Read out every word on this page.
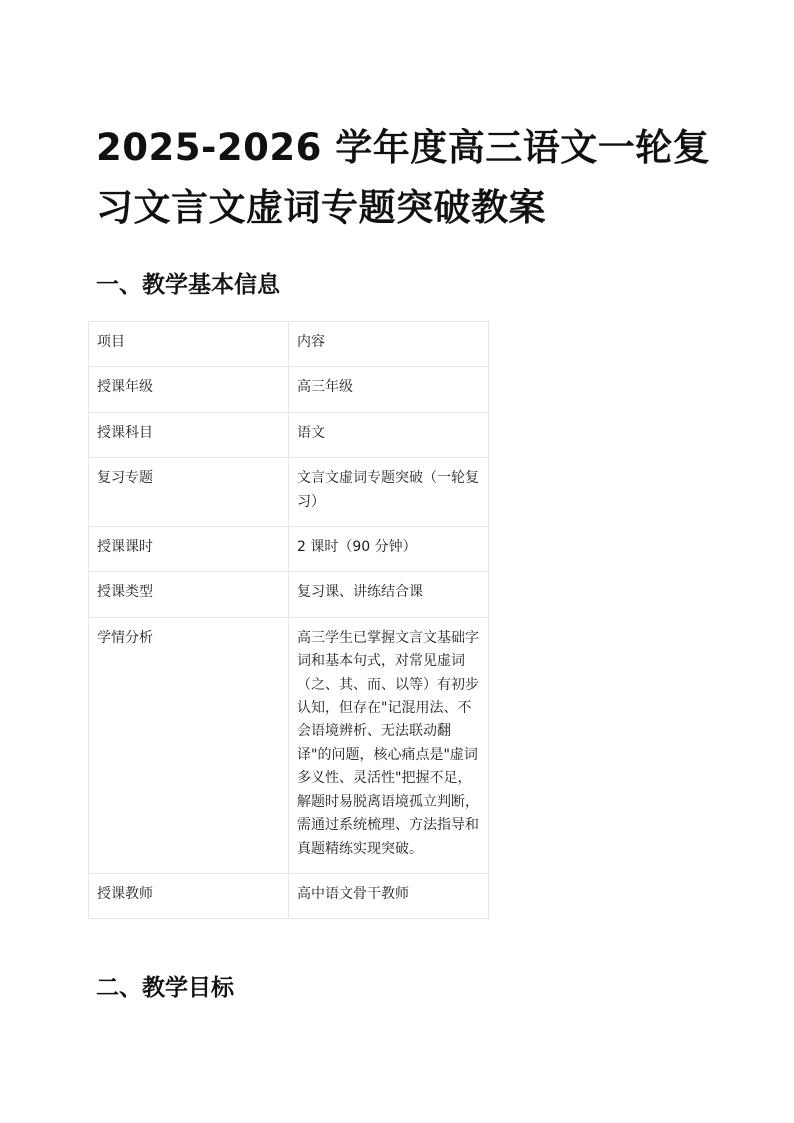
2025-2026 学年度高三语文一轮复习文言文虚词专题突破教案
一、教学基本信息
项目	内容
授课年级	高三年级
授课科目	语文
复习专题	文言文虚词专题突破（一轮复习）
授课课时	2 课时（90 分钟）
授课类型	复习课、讲练结合课
学情分析	高三学生已掌握文言文基础字词和基本句式，对常见虚词（之、其、而、以等）有初步认知，但存在"记混用法、不会语境辨析、无法联动翻译"的问题，核心痛点是"虚词多义性、灵活性"把握不足，解题时易脱离语境孤立判断，需通过系统梳理、方法指导和真题精练实现突破。
授课教师	高中语文骨干教师
二、教学目标
